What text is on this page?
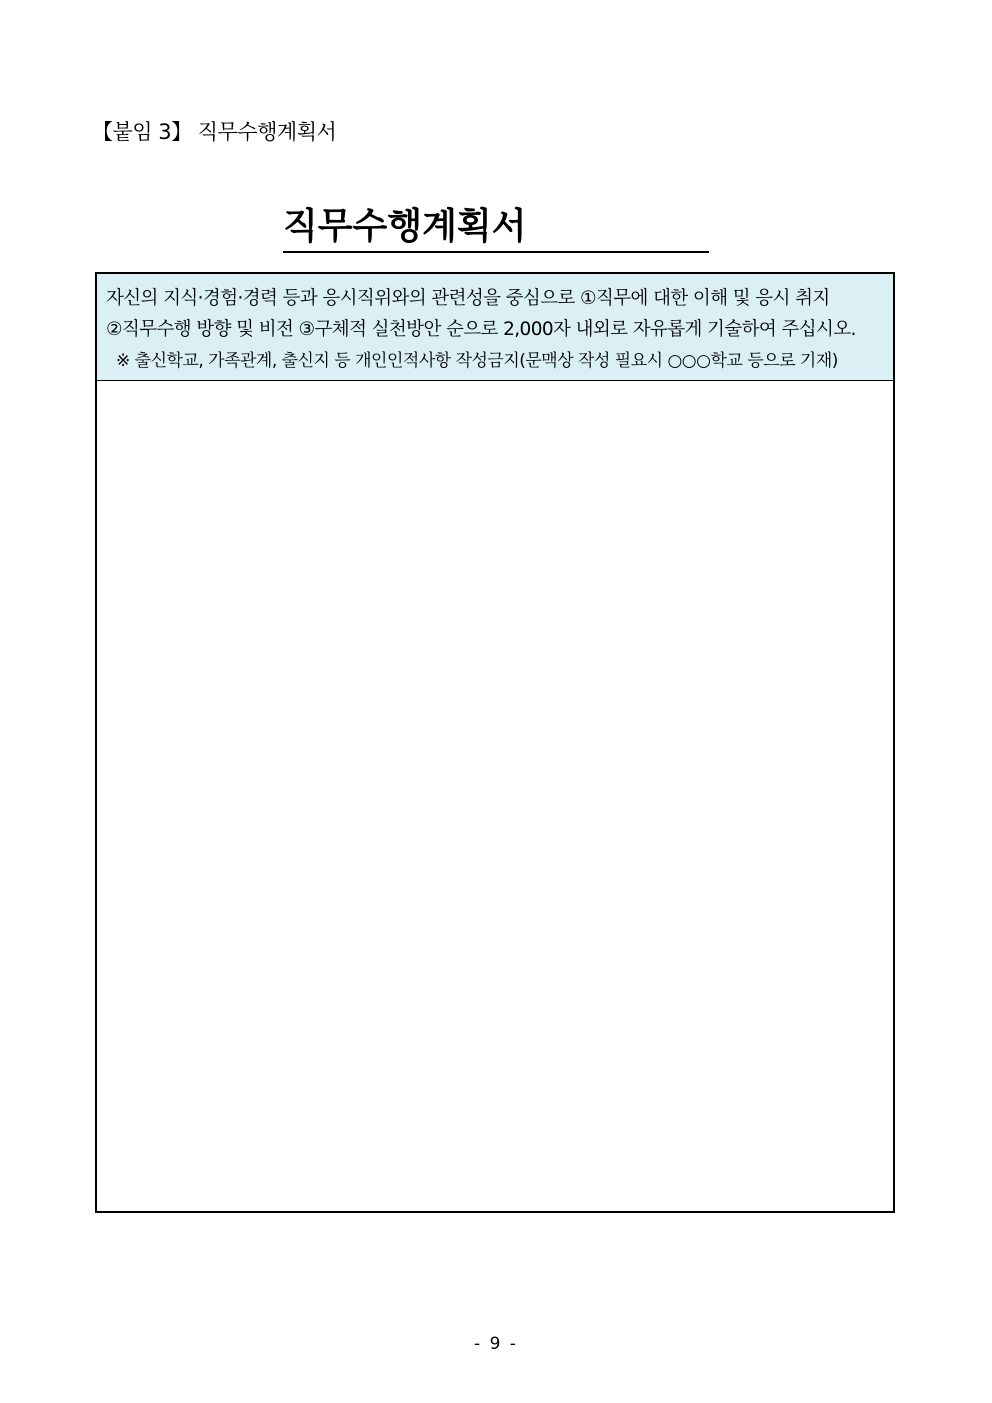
【붙임 3】 직무수행계획서
직무수행계획서
자신의 지식·경험·경력 등과 응시직위와의 관련성을 중심으로 ①직무에 대한 이해 및 응시 취지
②직무수행 방향 및 비전 ③구체적 실천방안 순으로 2,000자 내외로 자유롭게 기술하여 주십시오.
※ 출신학교, 가족관계, 출신지 등 개인인적사항 작성금지(문맥상 작성 필요시 ○○○학교 등으로 기재)
- 9 -
